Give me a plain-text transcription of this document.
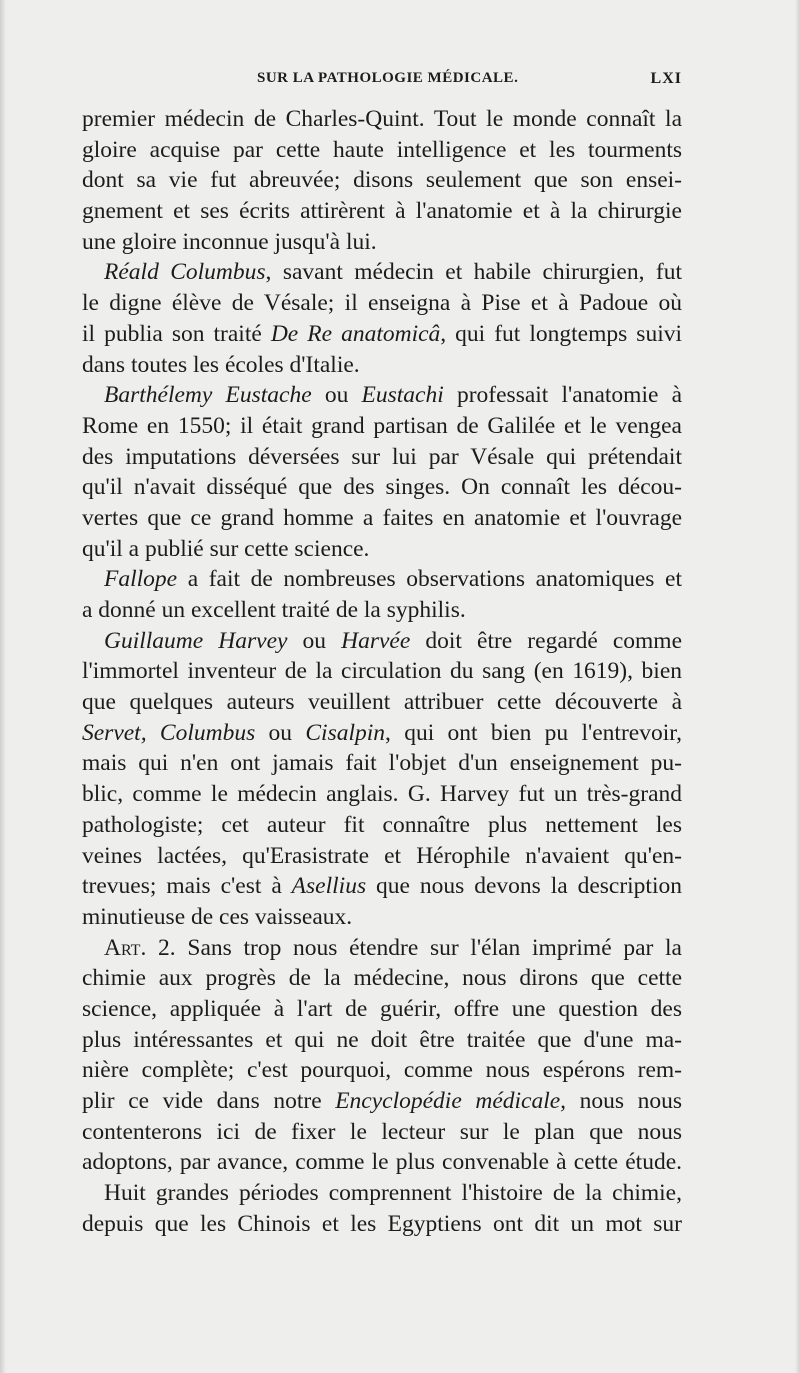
SUR LA PATHOLOGIE MÉDICALE.	LXI
premier médecin de Charles-Quint. Tout le monde connaît la
gloire acquise par cette haute intelligence et les tourments
dont sa vie fut abreuvée; disons seulement que son ensei-
gnement et ses écrits attirèrent à l'anatomie et à la chirurgie
une gloire inconnue jusqu'à lui.
Réald Columbus, savant médecin et habile chirurgien, fut
le digne élève de Vésale; il enseigna à Pise et à Padoue où
il publia son traité De Re anatomicâ, qui fut longtemps suivi
dans toutes les écoles d'Italie.
Barthélemy Eustache ou Eustachi professait l'anatomie à
Rome en 1550; il était grand partisan de Galilée et le vengea
des imputations déversées sur lui par Vésale qui prétendait
qu'il n'avait disséqué que des singes. On connaît les décou-
vertes que ce grand homme a faites en anatomie et l'ouvrage
qu'il a publié sur cette science.
Fallope a fait de nombreuses observations anatomiques et
a donné un excellent traité de la syphilis.
Guillaume Harvey ou Harvée doit être regardé comme
l'immortel inventeur de la circulation du sang (en 1619), bien
que quelques auteurs veuillent attribuer cette découverte à
Servet, Columbus ou Cisalpin, qui ont bien pu l'entrevoir,
mais qui n'en ont jamais fait l'objet d'un enseignement pu-
blic, comme le médecin anglais. G. Harvey fut un très-grand
pathologiste; cet auteur fit connaître plus nettement les
veines lactées, qu'Erasistrate et Hérophile n'avaient qu'en-
trevues; mais c'est à Asellius que nous devons la description
minutieuse de ces vaisseaux.
Art. 2. Sans trop nous étendre sur l'élan imprimé par la
chimie aux progrès de la médecine, nous dirons que cette
science, appliquée à l'art de guérir, offre une question des
plus intéressantes et qui ne doit être traitée que d'une ma-
nière complète; c'est pourquoi, comme nous espérons rem-
plir ce vide dans notre Encyclopédie médicale, nous nous
contenterons ici de fixer le lecteur sur le plan que nous
adoptons, par avance, comme le plus convenable à cette étude.
Huit grandes périodes comprennent l'histoire de la chimie,
depuis que les Chinois et les Egyptiens ont dit un mot sur
